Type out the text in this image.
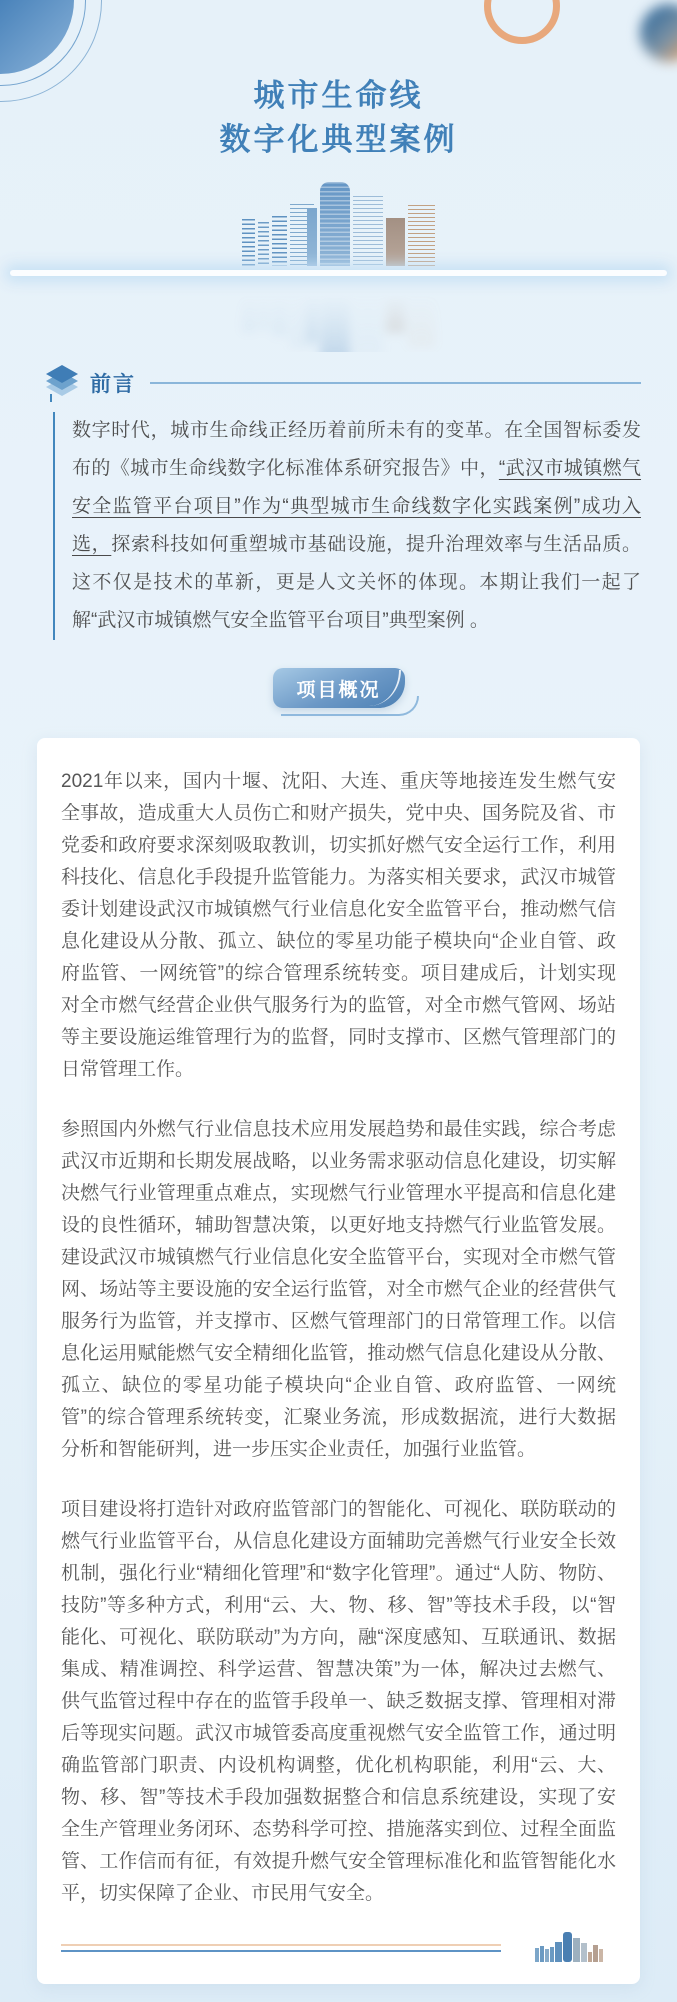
城市生命线
数字化典型案例
前言

数字时代，城市生命线正经历着前所未有的变革。在全国智标委发布的《城市生命线数字化标准体系研究报告》中，“武汉市城镇燃气安全监管平台项目”作为“典型城市生命线数字化实践案例”成功入选，探索科技如何重塑城市基础设施，提升治理效率与生活品质。这不仅是技术的革新，更是人文关怀的体现。本期让我们一起了解“武汉市城镇燃气安全监管平台项目”典型案例 。

项目概况

2021年以来，国内十堰、沈阳、大连、重庆等地接连发生燃气安全事故，造成重大人员伤亡和财产损失，党中央、国务院及省、市党委和政府要求深刻吸取教训，切实抓好燃气安全运行工作，利用科技化、信息化手段提升监管能力。为落实相关要求，武汉市城管委计划建设武汉市城镇燃气行业信息化安全监管平台，推动燃气信息化建设从分散、孤立、缺位的零星功能子模块向“企业自管、政府监管、一网统管”的综合管理系统转变。项目建成后，计划实现对全市燃气经营企业供气服务行为的监管，对全市燃气管网、场站等主要设施运维管理行为的监督，同时支撑市、区燃气管理部门的日常管理工作。

参照国内外燃气行业信息技术应用发展趋势和最佳实践，综合考虑武汉市近期和长期发展战略，以业务需求驱动信息化建设，切实解决燃气行业管理重点难点，实现燃气行业管理水平提高和信息化建设的良性循环，辅助智慧决策，以更好地支持燃气行业监管发展。建设武汉市城镇燃气行业信息化安全监管平台，实现对全市燃气管网、场站等主要设施的安全运行监管，对全市燃气企业的经营供气服务行为监管，并支撑市、区燃气管理部门的日常管理工作。以信息化运用赋能燃气安全精细化监管，推动燃气信息化建设从分散、孤立、缺位的零星功能子模块向“企业自管、政府监管、一网统管”的综合管理系统转变，汇聚业务流，形成数据流，进行大数据分析和智能研判，进一步压实企业责任，加强行业监管。

项目建设将打造针对政府监管部门的智能化、可视化、联防联动的燃气行业监管平台，从信息化建设方面辅助完善燃气行业安全长效机制，强化行业“精细化管理”和“数字化管理”。通过“人防、物防、技防”等多种方式，利用“云、大、物、移、智”等技术手段，以“智能化、可视化、联防联动”为方向，融“深度感知、互联通讯、数据集成、精准调控、科学运营、智慧决策”为一体，解决过去燃气、供气监管过程中存在的监管手段单一、缺乏数据支撑、管理相对滞后等现实问题。武汉市城管委高度重视燃气安全监管工作，通过明确监管部门职责、内设机构调整，优化机构职能，利用“云、大、物、移、智”等技术手段加强数据整合和信息系统建设，实现了安全生产管理业务闭环、态势科学可控、措施落实到位、过程全面监管、工作信而有征，有效提升燃气安全管理标准化和监管智能化水平，切实保障了企业、市民用气安全。
